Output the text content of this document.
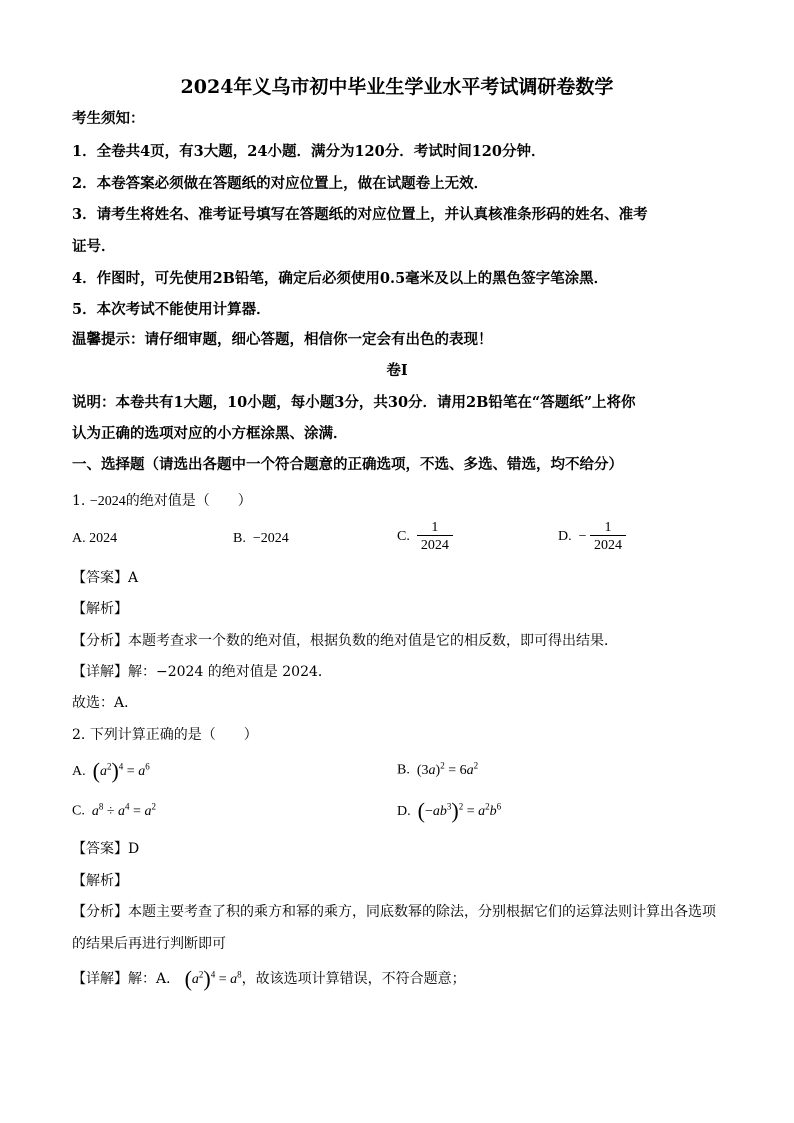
2024年义乌市初中毕业生学业水平考试调研卷数学
考生须知：
1．全卷共4页，有3大题，24小题．满分为120分．考试时间120分钟．
2．本卷答案必须做在答题纸的对应位置上，做在试题卷上无效．
3．请考生将姓名、准考证号填写在答题纸的对应位置上，并认真核准条形码的姓名、准考
证号．
4．作图时，可先使用2B铅笔，确定后必须使用0.5毫米及以上的黑色签字笔涂黑．
5．本次考试不能使用计算器．
温馨提示：请仔细审题，细心答题，相信你一定会有出色的表现！
卷Ⅰ
说明：本卷共有1大题，10小题，每小题3分，共30分．请用2B铅笔在“答题纸”上将你
认为正确的选项对应的小方框涂黑、涂满．
一、选择题（请选出各题中一个符合题意的正确选项，不选、多选、错选，均不给分）
1. −2024的绝对值是（　　）
A. 2024	B. −2024	C. $\frac{1}{2024}$	D. − $\frac{1}{2024}$
【答案】A
【解析】
【分析】本题考查求一个数的绝对值，根据负数的绝对值是它的相反数，即可得出结果．
【详解】解：−2024 的绝对值是 2024．
故选：A．
2. 下列计算正确的是（　　）
A. $(a^2)^4 = a^6$	B. $(3a)^2 = 6a^2$
C. $a^8 \div a^4 = a^2$	D. $(-ab^3)^2 = a^2b^6$
【答案】D
【解析】
【分析】本题主要考查了积的乘方和幂的乘方，同底数幂的除法，分别根据它们的运算法则计算出各选项
的结果后再进行判断即可
【详解】解：A． $(a^2)^4 = a^8$，故该选项计算错误，不符合题意；
